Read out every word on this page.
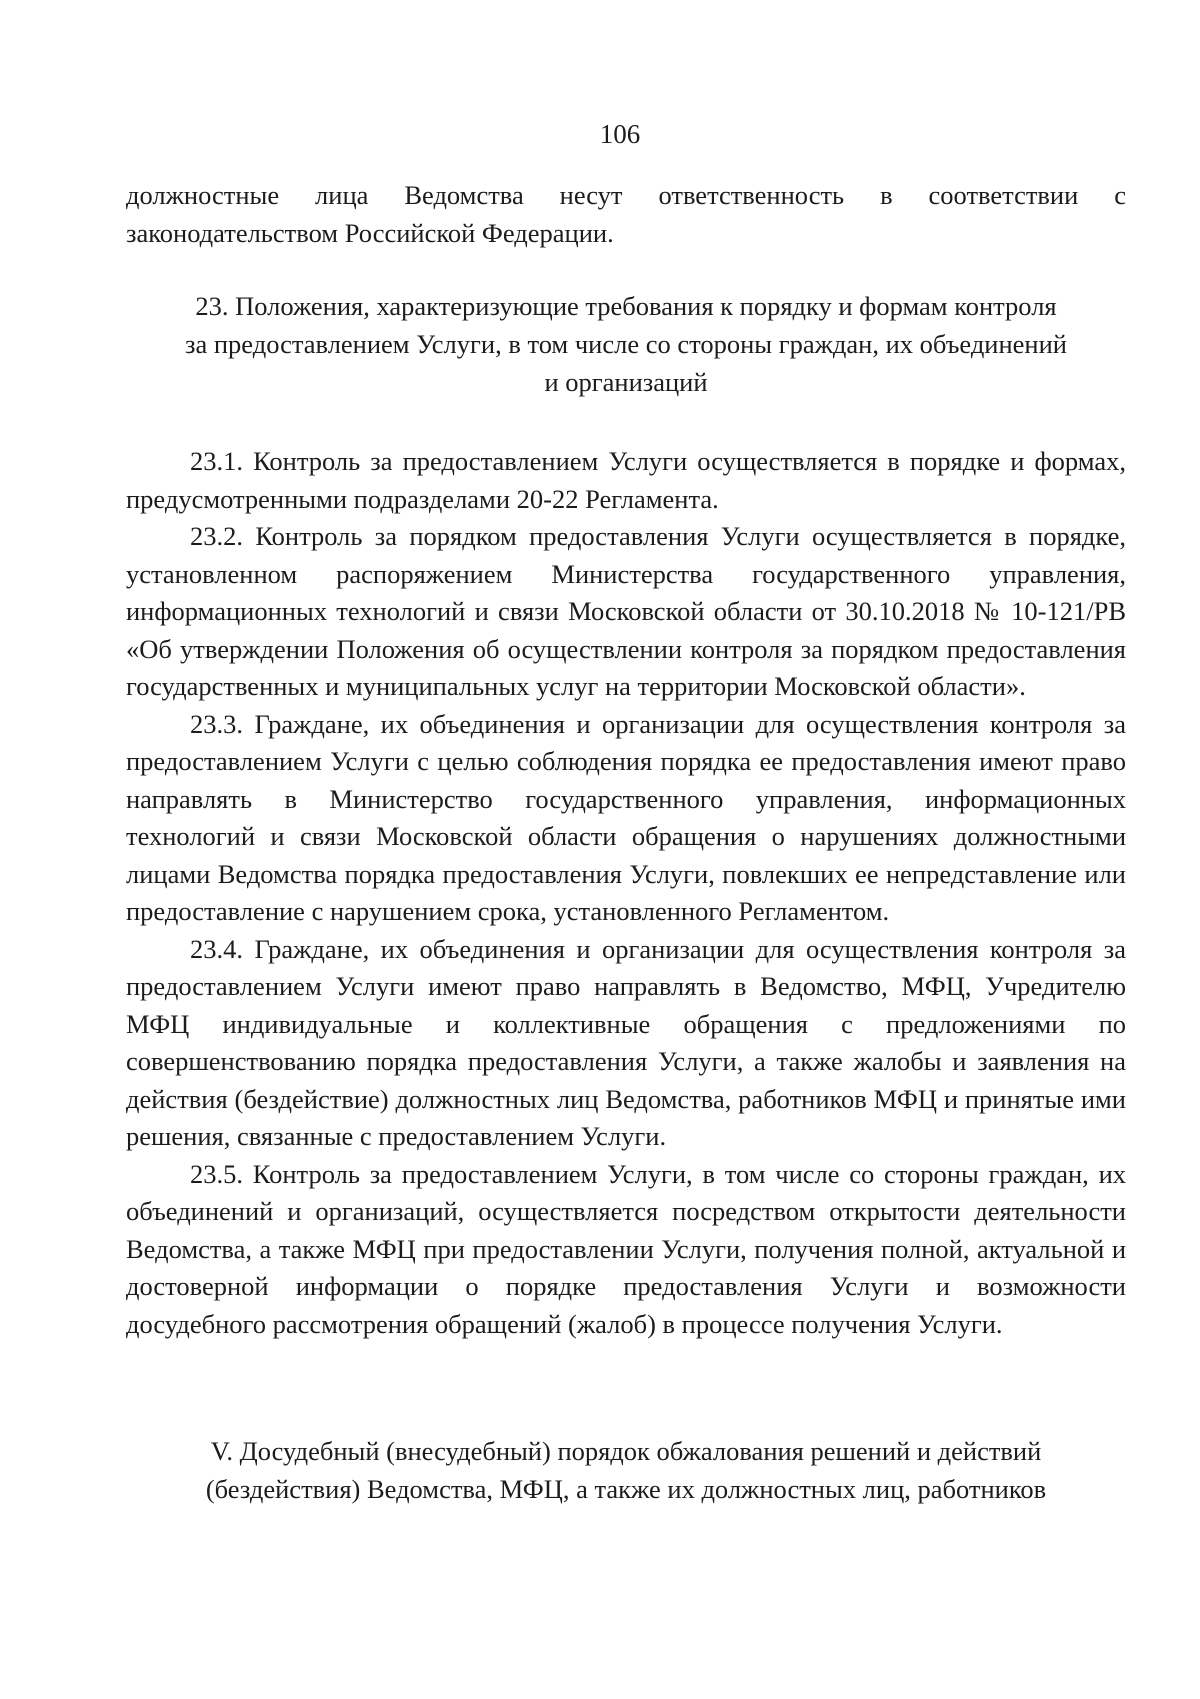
106

должностные лица Ведомства несут ответственность в соответствии с законодательством Российской Федерации.

23. Положения, характеризующие требования к порядку и формам контроля
за предоставлением Услуги, в том числе со стороны граждан, их объединений
и организаций

23.1. Контроль за предоставлением Услуги осуществляется в порядке и формах, предусмотренными подразделами 20-22 Регламента.

23.2. Контроль за порядком предоставления Услуги осуществляется в порядке, установленном распоряжением Министерства государственного управления, информационных технологий и связи Московской области от 30.10.2018 № 10-121/РВ «Об утверждении Положения об осуществлении контроля за порядком предоставления государственных и муниципальных услуг на территории Московской области».

23.3. Граждане, их объединения и организации для осуществления контроля за предоставлением Услуги с целью соблюдения порядка ее предоставления имеют право направлять в Министерство государственного управления, информационных технологий и связи Московской области обращения о нарушениях должностными лицами Ведомства порядка предоставления Услуги, повлекших ее непредставление или предоставление с нарушением срока, установленного Регламентом.

23.4. Граждане, их объединения и организации для осуществления контроля за предоставлением Услуги имеют право направлять в Ведомство, МФЦ, Учредителю МФЦ индивидуальные и коллективные обращения с предложениями по совершенствованию порядка предоставления Услуги, а также жалобы и заявления на действия (бездействие) должностных лиц Ведомства, работников МФЦ и принятые ими решения, связанные с предоставлением Услуги.

23.5. Контроль за предоставлением Услуги, в том числе со стороны граждан, их объединений и организаций, осуществляется посредством открытости деятельности Ведомства, а также МФЦ при предоставлении Услуги, получения полной, актуальной и достоверной информации о порядке предоставления Услуги и возможности досудебного рассмотрения обращений (жалоб) в процессе получения Услуги.

V. Досудебный (внесудебный) порядок обжалования решений и действий
(бездействия) Ведомства, МФЦ, а также их должностных лиц, работников
